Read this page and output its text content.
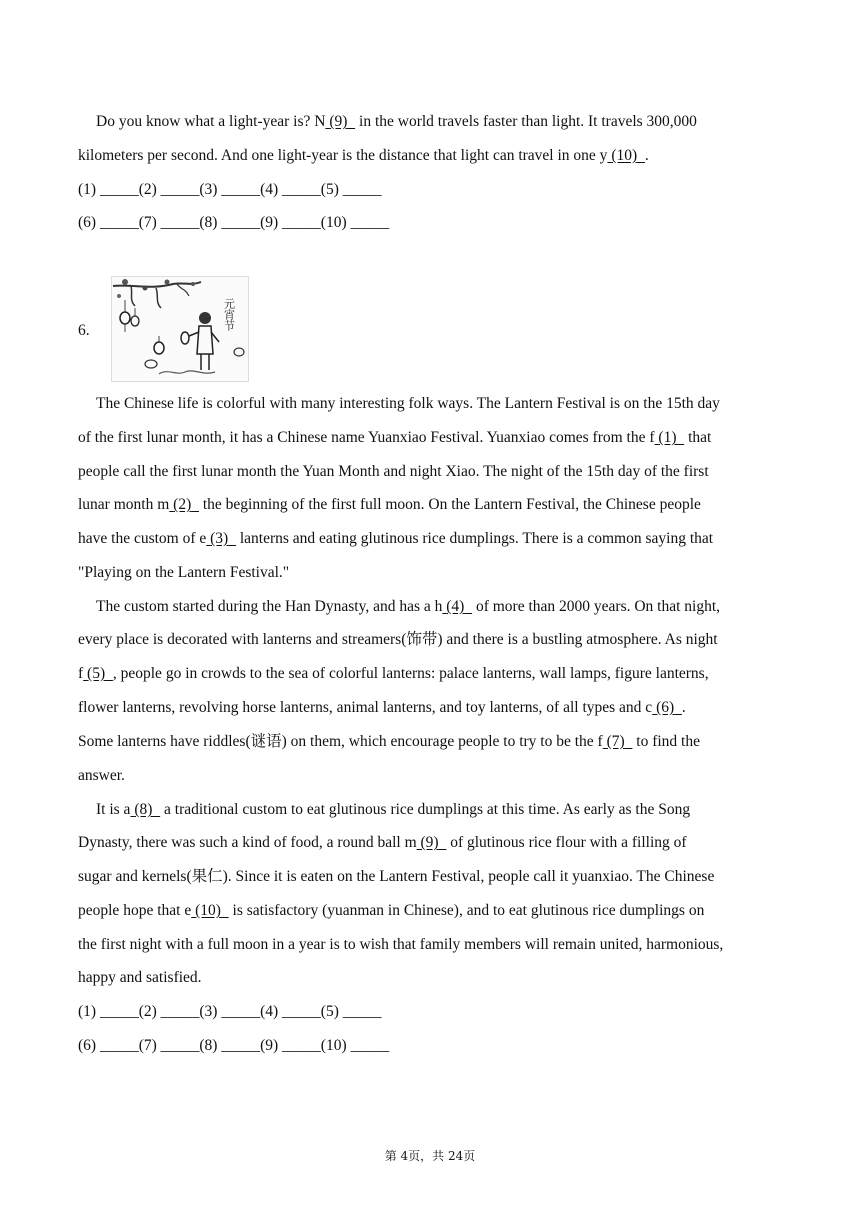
Do you know what a light-year is? N (9)   in the world travels faster than light. It travels 300,000
kilometers per second. And one light-year is the distance that light can travel in one y (10) .
(1) _____(2) _____(3) _____(4) _____(5) _____
(6) _____(7) _____(8) _____(9) _____(10) _____
6.	元宵节
The Chinese life is colorful with many interesting folk ways. The Lantern Festival is on the 15th day
of the first lunar month, it has a Chinese name Yuanxiao Festival. Yuanxiao comes from the f (1)   that
people call the first lunar month the Yuan Month and night Xiao. The night of the 15th day of the first
lunar month m (2)   the beginning of the first full moon. On the Lantern Festival, the Chinese people
have the custom of e (3)   lanterns and eating glutinous rice dumplings. There is a common saying that
"Playing on the Lantern Festival."
The custom started during the Han Dynasty, and has a h (4)   of more than 2000 years. On that night,
every place is decorated with lanterns and streamers(饰带) and there is a bustling atmosphere. As night
f (5) , people go in crowds to the sea of colorful lanterns: palace lanterns, wall lamps, figure lanterns,
flower lanterns, revolving horse lanterns, animal lanterns, and toy lanterns, of all types and c (6) .
Some lanterns have riddles(谜语) on them, which encourage people to try to be the f (7)   to find the
answer.
It is a (8)   a traditional custom to eat glutinous rice dumplings at this time. As early as the Song
Dynasty, there was such a kind of food, a round ball m (9)   of glutinous rice flour with a filling of
sugar and kernels(果仁). Since it is eaten on the Lantern Festival, people call it yuanxiao. The Chinese
people hope that e (10)   is satisfactory (yuanman in Chinese), and to eat glutinous rice dumplings on
the first night with a full moon in a year is to wish that family members will remain united, harmonious,
happy and satisfied.
(1) _____(2) _____(3) _____(4) _____(5) _____
(6) _____(7) _____(8) _____(9) _____(10) _____
第 4页，共 24页
